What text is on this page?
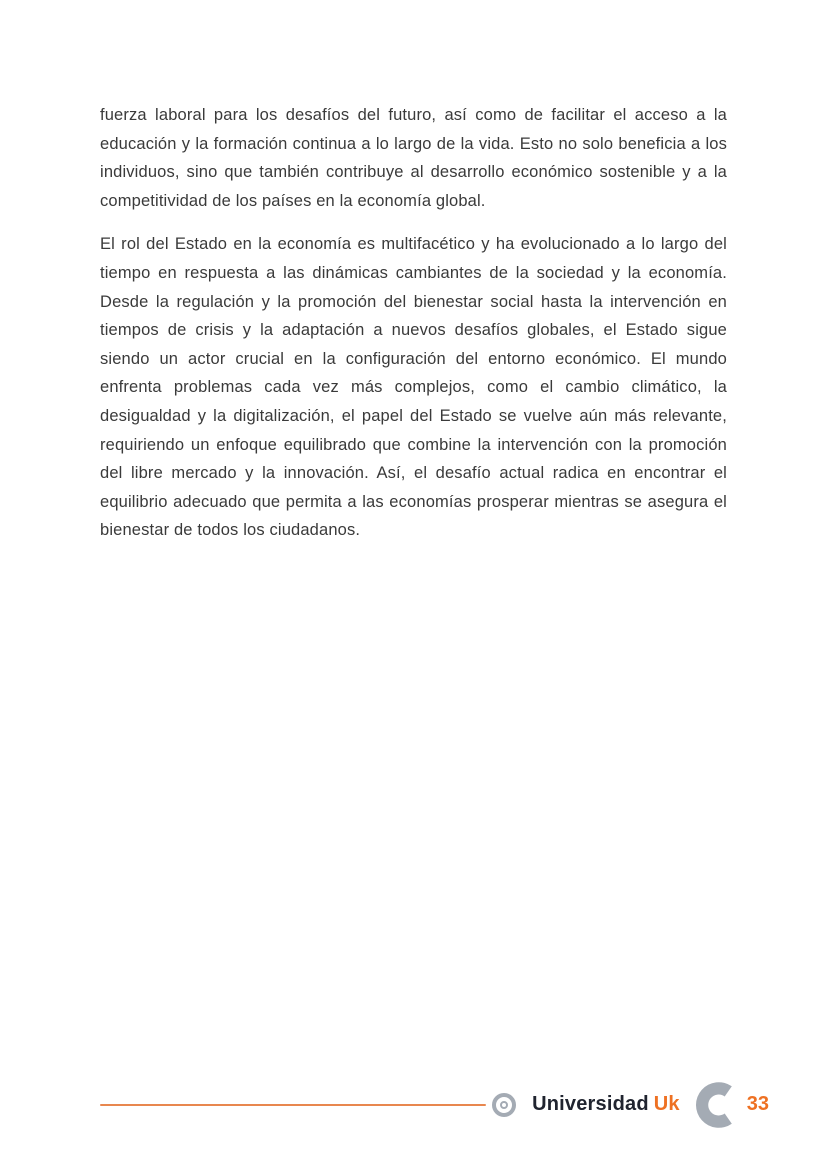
fuerza laboral para los desafíos del futuro, así como de facilitar el acceso a la educación y la formación continua a lo largo de la vida. Esto no solo beneficia a los individuos, sino que también contribuye al desarrollo económico sostenible y a la competitividad de los países en la economía global.

El rol del Estado en la economía es multifacético y ha evolucionado a lo largo del tiempo en respuesta a las dinámicas cambiantes de la sociedad y la economía. Desde la regulación y la promoción del bienestar social hasta la intervención en tiempos de crisis y la adaptación a nuevos desafíos globales, el Estado sigue siendo un actor crucial en la configuración del entorno económico. El mundo enfrenta problemas cada vez más complejos, como el cambio climático, la desigualdad y la digitalización, el papel del Estado se vuelve aún más relevante, requiriendo un enfoque equilibrado que combine la intervención con la promoción del libre mercado y la innovación. Así, el desafío actual radica en encontrar el equilibrio adecuado que permita a las economías prosperar mientras se asegura el bienestar de todos los ciudadanos.

Universidad Uk	33
